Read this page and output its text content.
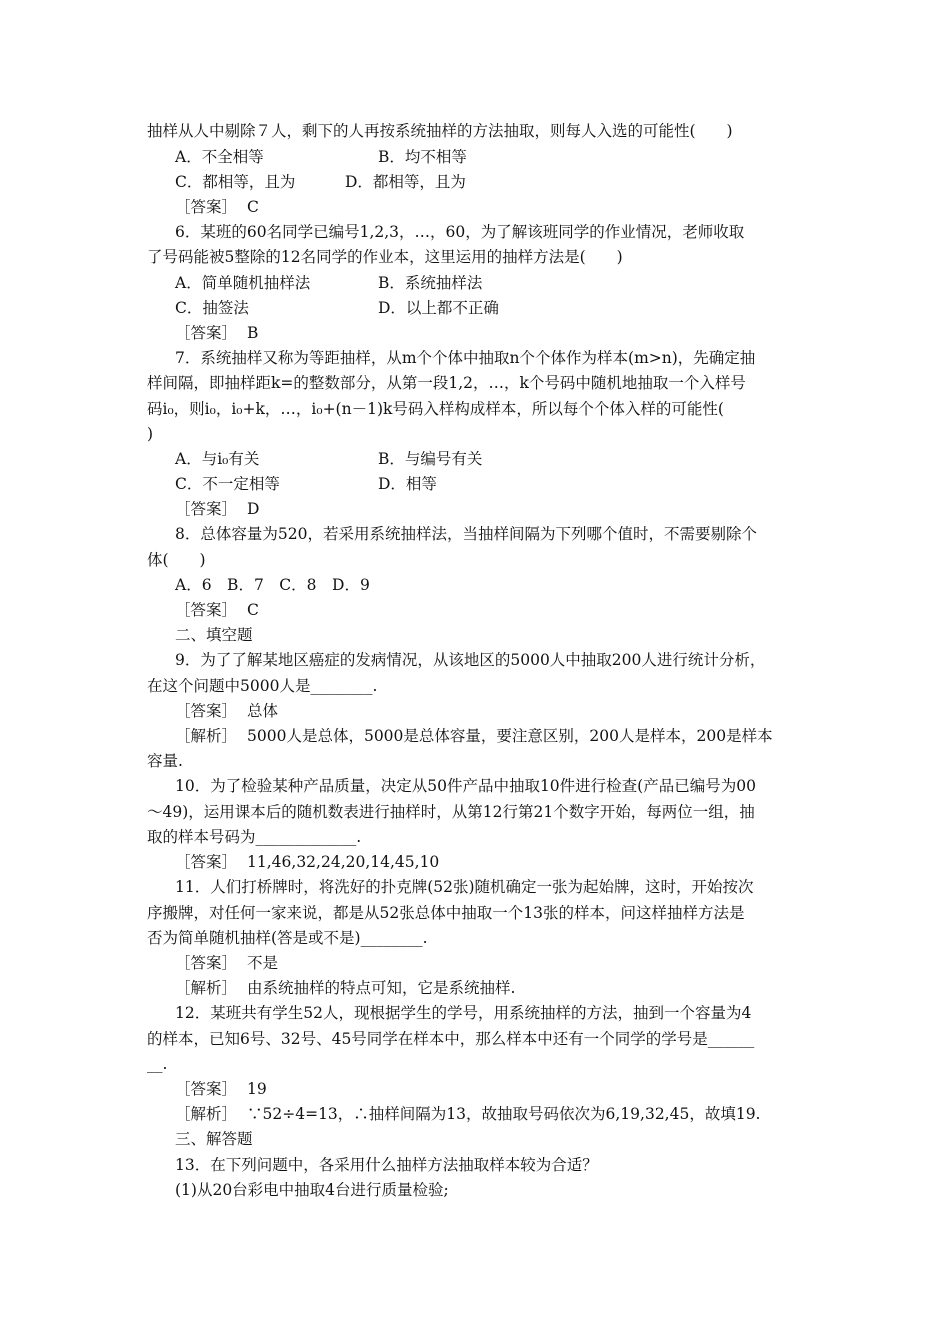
抽样从人中剔除７人，剩下的人再按系统抽样的方法抽取，则每人入选的可能性(　　)
A．不全相等	B．均不相等
C．都相等，且为	D．都相等，且为
［答案］ C
6．某班的60名同学已编号1,2,3，…，60，为了解该班同学的作业情况，老师收取
了号码能被5整除的12名同学的作业本，这里运用的抽样方法是(　　)
A．简单随机抽样法	B．系统抽样法
C．抽签法	D．以上都不正确
［答案］ B
7．系统抽样又称为等距抽样，从m个个体中抽取n个个体作为样本(m>n)，先确定抽
样间隔，即抽样距k=的整数部分，从第一段1,2，…，k个号码中随机地抽取一个入样号
码i₀，则i₀，i₀+k，…，i₀+(n－1)k号码入样构成样本，所以每个个体入样的可能性(
)
A．与i₀有关	B．与编号有关
C．不一定相等	D．相等
［答案］ D
8．总体容量为520，若采用系统抽样法，当抽样间隔为下列哪个值时，不需要剔除个
体(　　)
A．6　B．7　C．8　D．9
［答案］ C
二、填空题
9．为了了解某地区癌症的发病情况，从该地区的5000人中抽取200人进行统计分析，
在这个问题中5000人是________.
［答案］ 总体
［解析］ 5000人是总体，5000是总体容量，要注意区别，200人是样本，200是样本
容量.
10．为了检验某种产品质量，决定从50件产品中抽取10件进行检查(产品已编号为00
～49)，运用课本后的随机数表进行抽样时，从第12行第21个数字开始，每两位一组，抽
取的样本号码为_____________.
［答案］ 11,46,32,24,20,14,45,10
11．人们打桥牌时，将洗好的扑克牌(52张)随机确定一张为起始牌，这时，开始按次
序搬牌，对任何一家来说，都是从52张总体中抽取一个13张的样本，问这样抽样方法是
否为简单随机抽样(答是或不是)________.
［答案］ 不是
［解析］ 由系统抽样的特点可知，它是系统抽样.
12．某班共有学生52人，现根据学生的学号，用系统抽样的方法，抽到一个容量为4
的样本，已知6号、32号、45号同学在样本中，那么样本中还有一个同学的学号是______
__.
［答案］ 19
［解析］ ∵52÷4=13，∴抽样间隔为13，故抽取号码依次为6,19,32,45，故填19.
三、解答题
13．在下列问题中，各采用什么抽样方法抽取样本较为合适？
(1)从20台彩电中抽取4台进行质量检验;
